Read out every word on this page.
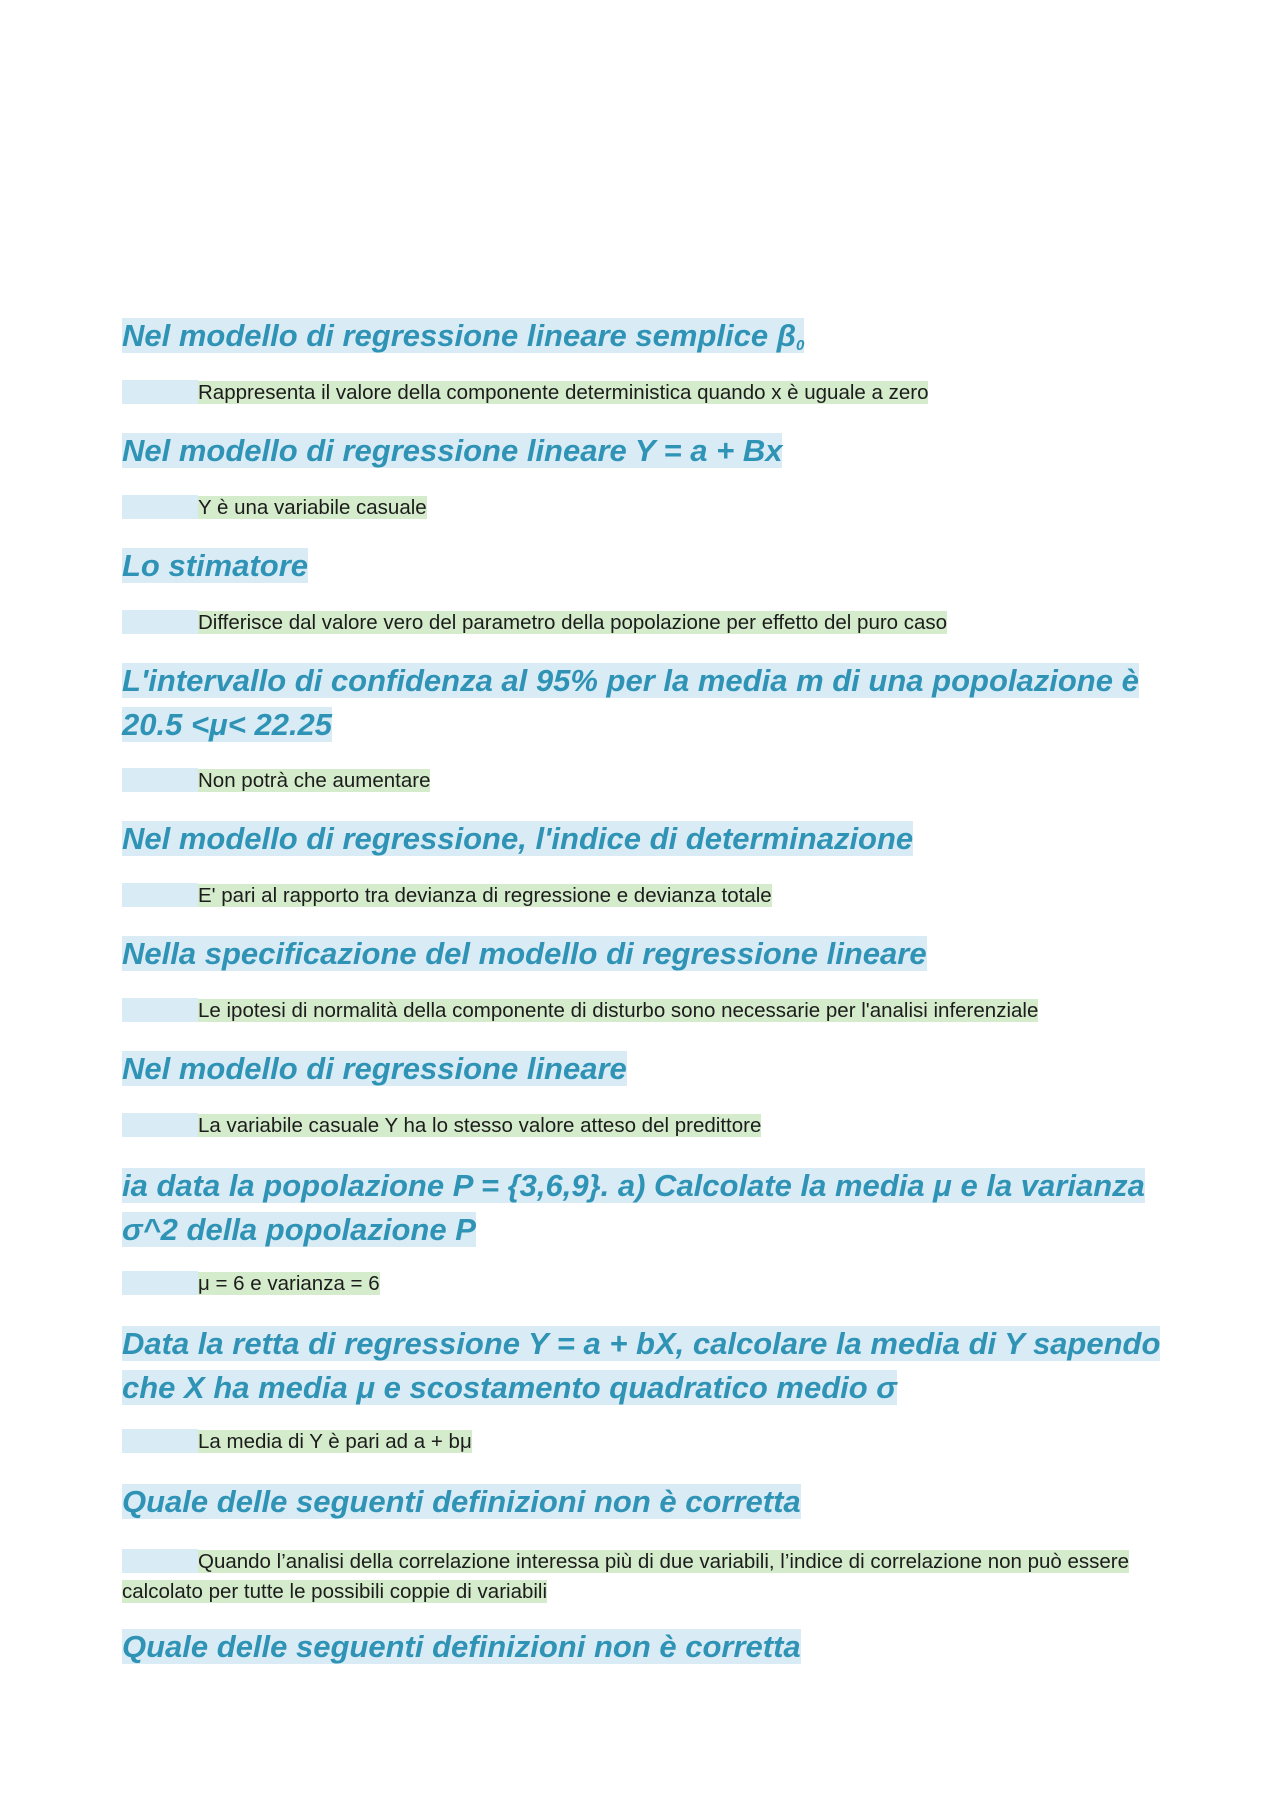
Nel modello di regressione lineare semplice $\beta_0$

Rappresenta il valore della componente deterministica quando x è uguale a zero

Nel modello di regressione lineare Y = a + Bx

Y è una variabile casuale

Lo stimatore

Differisce dal valore vero del parametro della popolazione per effetto del puro caso

L'intervallo di confidenza al 95% per la media m di una popolazione è 20.5 <μ< 22.25

Non potrà che aumentare

Nel modello di regressione, l'indice di determinazione

E' pari al rapporto tra devianza di regressione e devianza totale

Nella specificazione del modello di regressione lineare

Le ipotesi di normalità della componente di disturbo sono necessarie per l'analisi inferenziale

Nel modello di regressione lineare

La variabile casuale Y ha lo stesso valore atteso del predittore

ia data la popolazione P = {3,6,9}. a) Calcolate la media μ e la varianza σ^2 della popolazione P

μ = 6 e varianza = 6

Data la retta di regressione Y = a + bX, calcolare la media di Y sapendo che X ha media μ e scostamento quadratico medio σ

La media di Y è pari ad a + bμ

Quale delle seguenti definizioni non è corretta

Quando l’analisi della correlazione interessa più di due variabili, l’indice di correlazione non può essere calcolato per tutte le possibili coppie di variabili

Quale delle seguenti definizioni non è corretta
